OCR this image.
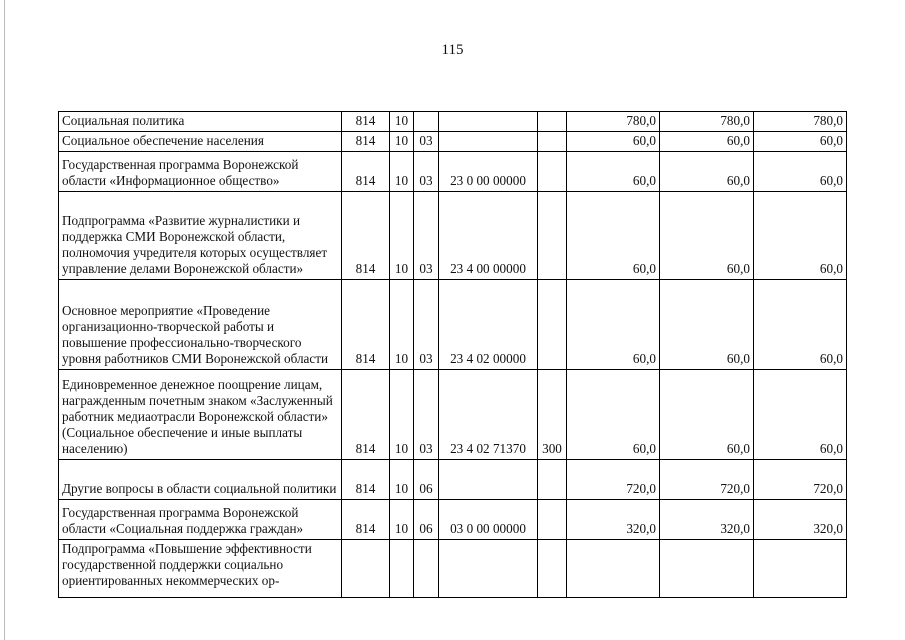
115
Социальная политика	814	10				780,0	780,0	780,0
Социальное обеспечение населения	814	10	03			60,0	60,0	60,0
Государственная программа Воронежской области «Информационное общество»	814	10	03	23 0 00 00000		60,0	60,0	60,0
Подпрограмма «Развитие журналистики и поддержка СМИ Воронежской области, полномочия учредителя которых осуществляет управление делами Воронежской области»	814	10	03	23 4 00 00000		60,0	60,0	60,0
Основное мероприятие «Проведение организационно-творческой работы и повышение профессионально-творческого уровня работников СМИ Воронежской области	814	10	03	23 4 02 00000		60,0	60,0	60,0
Единовременное денежное поощрение лицам, награжденным почетным знаком «Заслуженный работник медиаотрасли Воронежской области» (Социальное обеспечение и иные выплаты населению)	814	10	03	23 4 02 71370	300	60,0	60,0	60,0
Другие вопросы в области социальной политики	814	10	06			720,0	720,0	720,0
Государственная программа Воронежской области «Социальная поддержка граждан»	814	10	06	03 0 00 00000		320,0	320,0	320,0
Подпрограмма «Повышение эффективности государственной поддержки социально ориентированных некоммерческих ор-								
